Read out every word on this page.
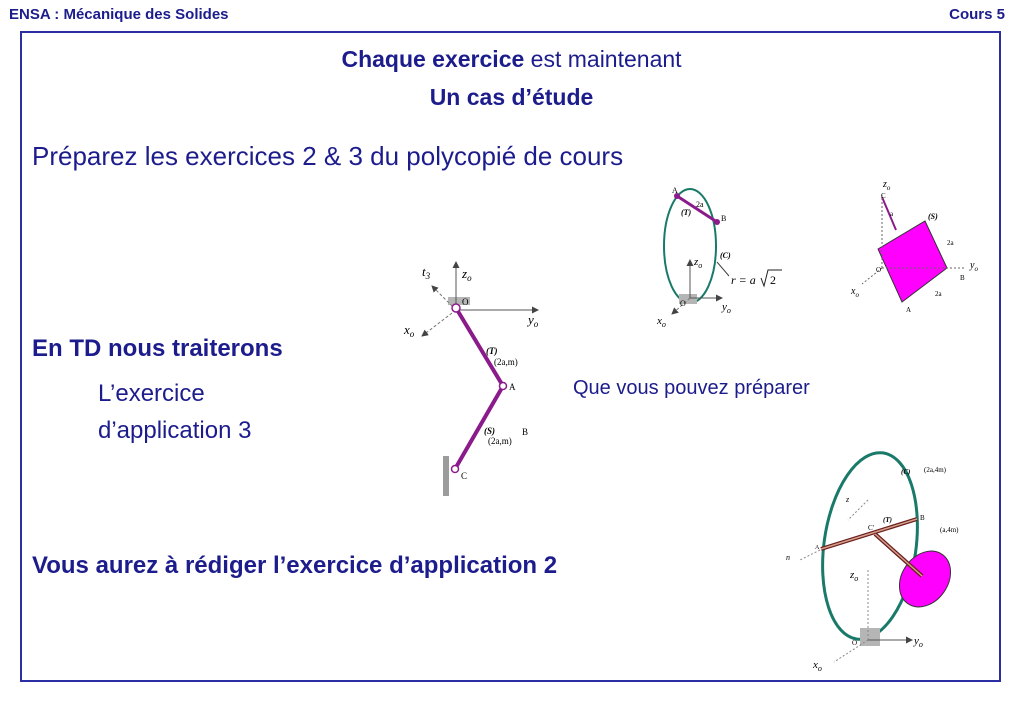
ENSA : Mécanique des Solides	Cours 5
Chaque exercice est maintenant
Un cas d’étude
Préparez les exercices 2 & 3 du polycopié de cours
En TD nous traiterons
L’exercice
d’application 3
Que vous pouvez préparer
Vous aurez à rédiger l’exercice d’application 2
$t_3$ $z_o$
$y_o$
$x_o$
O
(T)
(2a,m)
A
(S)
(2a,m)
B
C
A
B
2a
(T)
(C)
$z_o$
$y_o$
$x_o$
O
r = a 2
$z_o$
C
a	(S)
2a
$y_o$
O
B
$x_o$	2a
A
(C) (2a,4m)
z
(T)	B
C'	(a,4m)
n
A
$z_o$
$y_o$
O
$x_o$
